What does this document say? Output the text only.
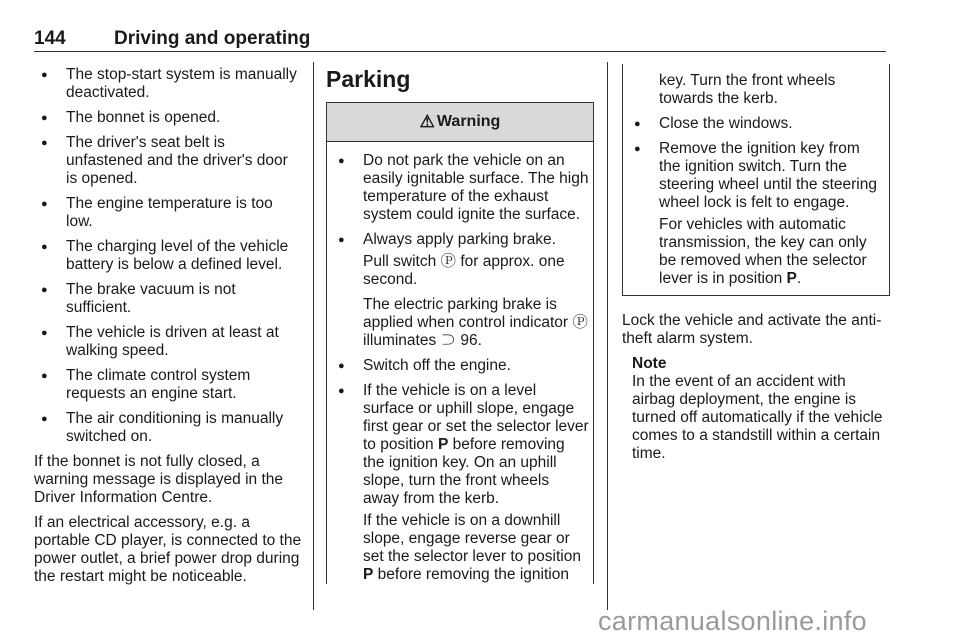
144	Driving and operating
● The stop-start system is manually deactivated.
● The bonnet is opened.
● The driver's seat belt is unfastened and the driver's door is opened.
● The engine temperature is too low.
● The charging level of the vehicle battery is below a defined level.
● The brake vacuum is not sufficient.
● The vehicle is driven at least at walking speed.
● The climate control system requests an engine start.
● The air conditioning is manually switched on.

If the bonnet is not fully closed, a warning message is displayed in the Driver Information Centre.

If an electrical accessory, e.g. a portable CD player, is connected to the power outlet, a brief power drop during the restart might be noticeable.

Parking
⚠ Warning
● Do not park the vehicle on an easily ignitable surface. The high temperature of the exhaust system could ignite the surface.
● Always apply parking brake.

Pull switch Ⓟ for approx. one second.

The electric parking brake is applied when control indicator Ⓟ illuminates ⊃ 96.

● Switch off the engine.
● If the vehicle is on a level surface or uphill slope, engage first gear or set the selector lever to position P before removing the ignition key. On an uphill slope, turn the front wheels away from the kerb.

If the vehicle is on a downhill slope, engage reverse gear or set the selector lever to position P before removing the ignition

key. Turn the front wheels towards the kerb.

● Close the windows.
● Remove the ignition key from the ignition switch. Turn the steering wheel until the steering wheel lock is felt to engage.

For vehicles with automatic transmission, the key can only be removed when the selector lever is in position P.

Lock the vehicle and activate the anti-theft alarm system.

Note
In the event of an accident with airbag deployment, the engine is turned off automatically if the vehicle comes to a standstill within a certain time.
carmanualsonline.info
